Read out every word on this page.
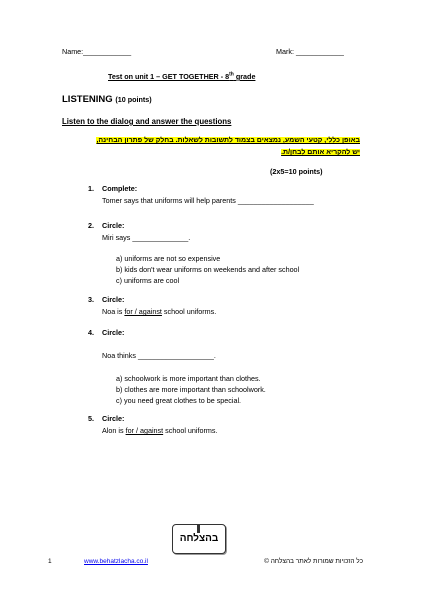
Name:____________	Mark: ____________
Test on unit 1 – GET TOGETHER - 8th grade
LISTENING (10 points)
Listen to the dialog and answer the questions
באופן כללי, קטעי השמע, נמצאים בצמוד לתשובות לשאלות. בחלק של פתרון הבחינה,
יש להקריא אותם לבחן/ת.
(2x5=10 points)
1. Complete:
Tomer says that uniforms will help parents ___________________
2. Circle:
Miri says ______________.
a) uniforms are not so expensive
b) kids don't wear uniforms on weekends and after school
c) uniforms are cool
3. Circle:
Noa is for / against school uniforms.
4. Circle:
Noa thinks ___________________.
a) schoolwork is more important than clothes.
b) clothes are more important than schoolwork.
c) you need great clothes to be special.
5. Circle:
Alon is for / against school uniforms.
בהצלחה
1	www.behatzlacha.co.il	כל הזכויות שמורות לאתר בהצלחה ©
